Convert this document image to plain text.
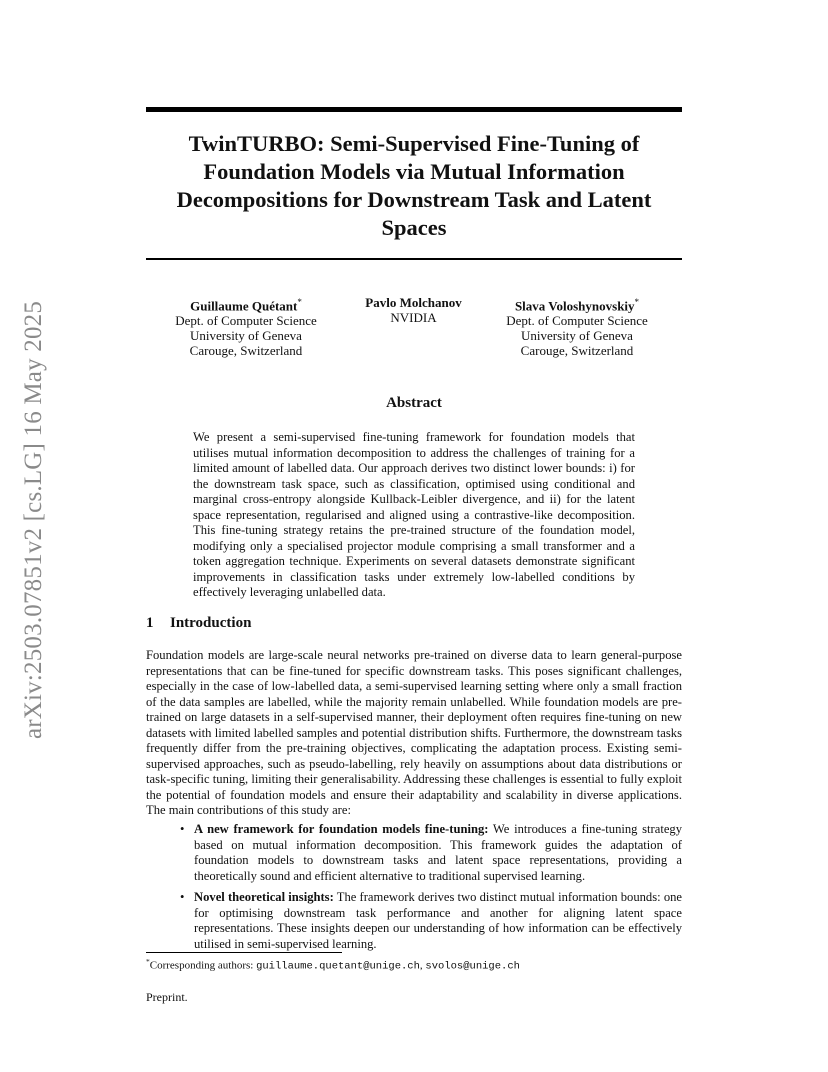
arXiv:2503.07851v2 [cs.LG] 16 May 2025
TwinTURBO: Semi-Supervised Fine-Tuning of Foundation Models via Mutual Information Decompositions for Downstream Task and Latent Spaces
Guillaume Quétant*
Dept. of Computer Science
University of Geneva
Carouge, Switzerland
Pavlo Molchanov
NVIDIA
Slava Voloshynovskiy*
Dept. of Computer Science
University of Geneva
Carouge, Switzerland
Abstract
We present a semi-supervised fine-tuning framework for foundation models that utilises mutual information decomposition to address the challenges of training for a limited amount of labelled data. Our approach derives two distinct lower bounds: i) for the downstream task space, such as classification, optimised using conditional and marginal cross-entropy alongside Kullback-Leibler divergence, and ii) for the latent space representation, regularised and aligned using a contrastive-like decomposition. This fine-tuning strategy retains the pre-trained structure of the foundation model, modifying only a specialised projector module comprising a small transformer and a token aggregation technique. Experiments on several datasets demonstrate significant improvements in classification tasks under extremely low-labelled conditions by effectively leveraging unlabelled data.
1 Introduction
Foundation models are large-scale neural networks pre-trained on diverse data to learn general-purpose representations that can be fine-tuned for specific downstream tasks. This poses significant challenges, especially in the case of low-labelled data, a semi-supervised learning setting where only a small fraction of the data samples are labelled, while the majority remain unlabelled. While foundation models are pre-trained on large datasets in a self-supervised manner, their deployment often requires fine-tuning on new datasets with limited labelled samples and potential distribution shifts. Furthermore, the downstream tasks frequently differ from the pre-training objectives, complicating the adaptation process. Existing semi-supervised approaches, such as pseudo-labelling, rely heavily on assumptions about data distributions or task-specific tuning, limiting their generalisability. Addressing these challenges is essential to fully exploit the potential of foundation models and ensure their adaptability and scalability in diverse applications. The main contributions of this study are:
• A new framework for foundation models fine-tuning: We introduces a fine-tuning strategy based on mutual information decomposition. This framework guides the adaptation of foundation models to downstream tasks and latent space representations, providing a theoretically sound and efficient alternative to traditional supervised learning.
• Novel theoretical insights: The framework derives two distinct mutual information bounds: one for optimising downstream task performance and another for aligning latent space representations. These insights deepen our understanding of how information can be effectively utilised in semi-supervised learning.
*Corresponding authors: guillaume.quetant@unige.ch, svolos@unige.ch
Preprint.
